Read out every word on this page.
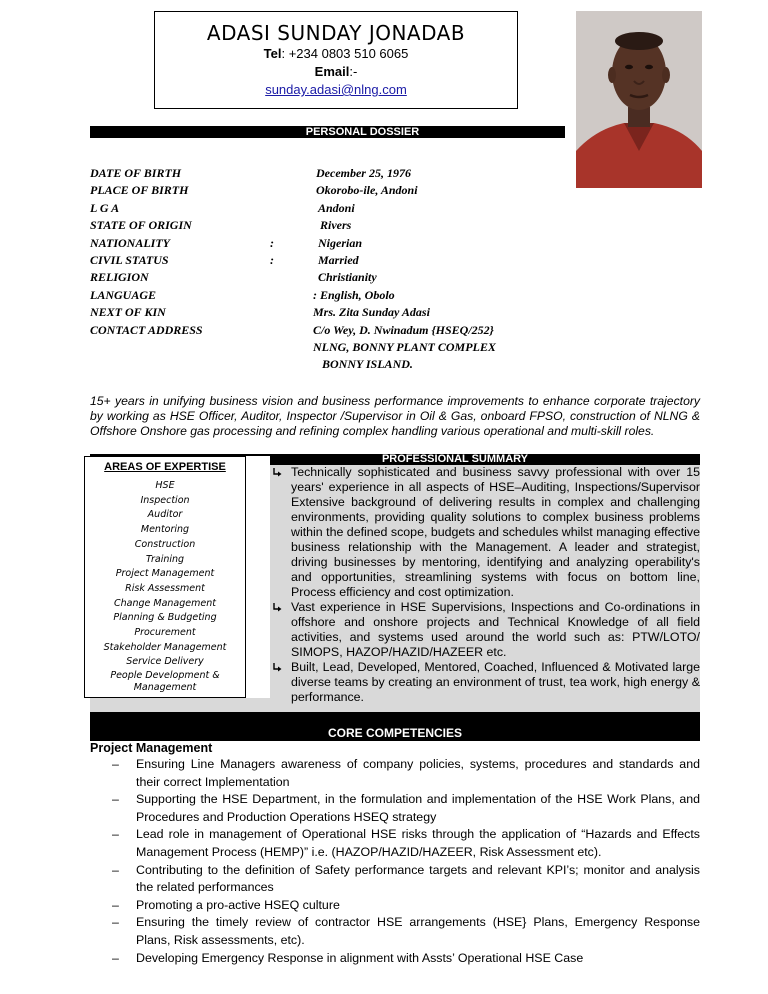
ADASI SUNDAY JONADAB
Tel: +234 0803 510 6065
Email:-
sunday.adasi@nlng.com
PERSONAL DOSSIER
DATE OF BIRTH	December 25, 1976
PLACE OF BIRTH	Okorobo-ile, Andoni
L G A	Andoni
STATE OF ORIGIN	Rivers
NATIONALITY	:	Nigerian
CIVIL STATUS	:	Married
RELIGION	Christianity
LANGUAGE	: English, Obolo
NEXT OF KIN	Mrs. Zita Sunday Adasi
CONTACT ADDRESS	C/o Wey, D. Nwinadum {HSEQ/252}
NLNG, BONNY PLANT COMPLEX
BONNY ISLAND.
15+ years in unifying business vision and business performance improvements to enhance corporate trajectory by working as HSE Officer, Auditor, Inspector /Supervisor in Oil & Gas, onboard FPSO, construction of NLNG & Offshore Onshore gas processing and refining complex handling various operational and multi-skill roles.
PROFESSIONAL SUMMARY
AREAS OF EXPERTISE
HSE
Inspection
Auditor
Mentoring
Construction
Training
Project Management
Risk Assessment
Change Management
Planning & Budgeting
Procurement
Stakeholder Management
Service Delivery
People Development & Management
Technically sophisticated and business savvy professional with over 15 years' experience in all aspects of HSE–Auditing, Inspections/Supervisor Extensive background of delivering results in complex and challenging environments, providing quality solutions to complex business problems within the defined scope, budgets and schedules whilst managing effective business relationship with the Management. A leader and strategist, driving businesses by mentoring, identifying and analyzing operability's and opportunities, streamlining systems with focus on bottom line, Process efficiency and cost optimization.
Vast experience in HSE Supervisions, Inspections and Co-ordinations in offshore and onshore projects and Technical Knowledge of all field activities, and systems used around the world such as: PTW/LOTO/ SIMOPS, HAZOP/HAZID/HAZEER etc.
Built, Lead, Developed, Mentored, Coached, Influenced & Motivated large diverse teams by creating an environment of trust, tea work, high energy & performance.
CORE COMPETENCIES
Project Management
– Ensuring Line Managers awareness of company policies, systems, procedures and standards and their correct Implementation
– Supporting the HSE Department, in the formulation and implementation of the HSE Work Plans, and Procedures and Production Operations HSEQ strategy
– Lead role in management of Operational HSE risks through the application of “Hazards and Effects Management Process (HEMP)” i.e. (HAZOP/HAZID/HAZEER, Risk Assessment etc).
– Contributing to the definition of Safety performance targets and relevant KPI’s; monitor and analysis the related performances
– Promoting a pro-active HSEQ culture
– Ensuring the timely review of contractor HSE arrangements (HSE} Plans, Emergency Response Plans, Risk assessments, etc).
– Developing Emergency Response in alignment with Assts’ Operational HSE Case
